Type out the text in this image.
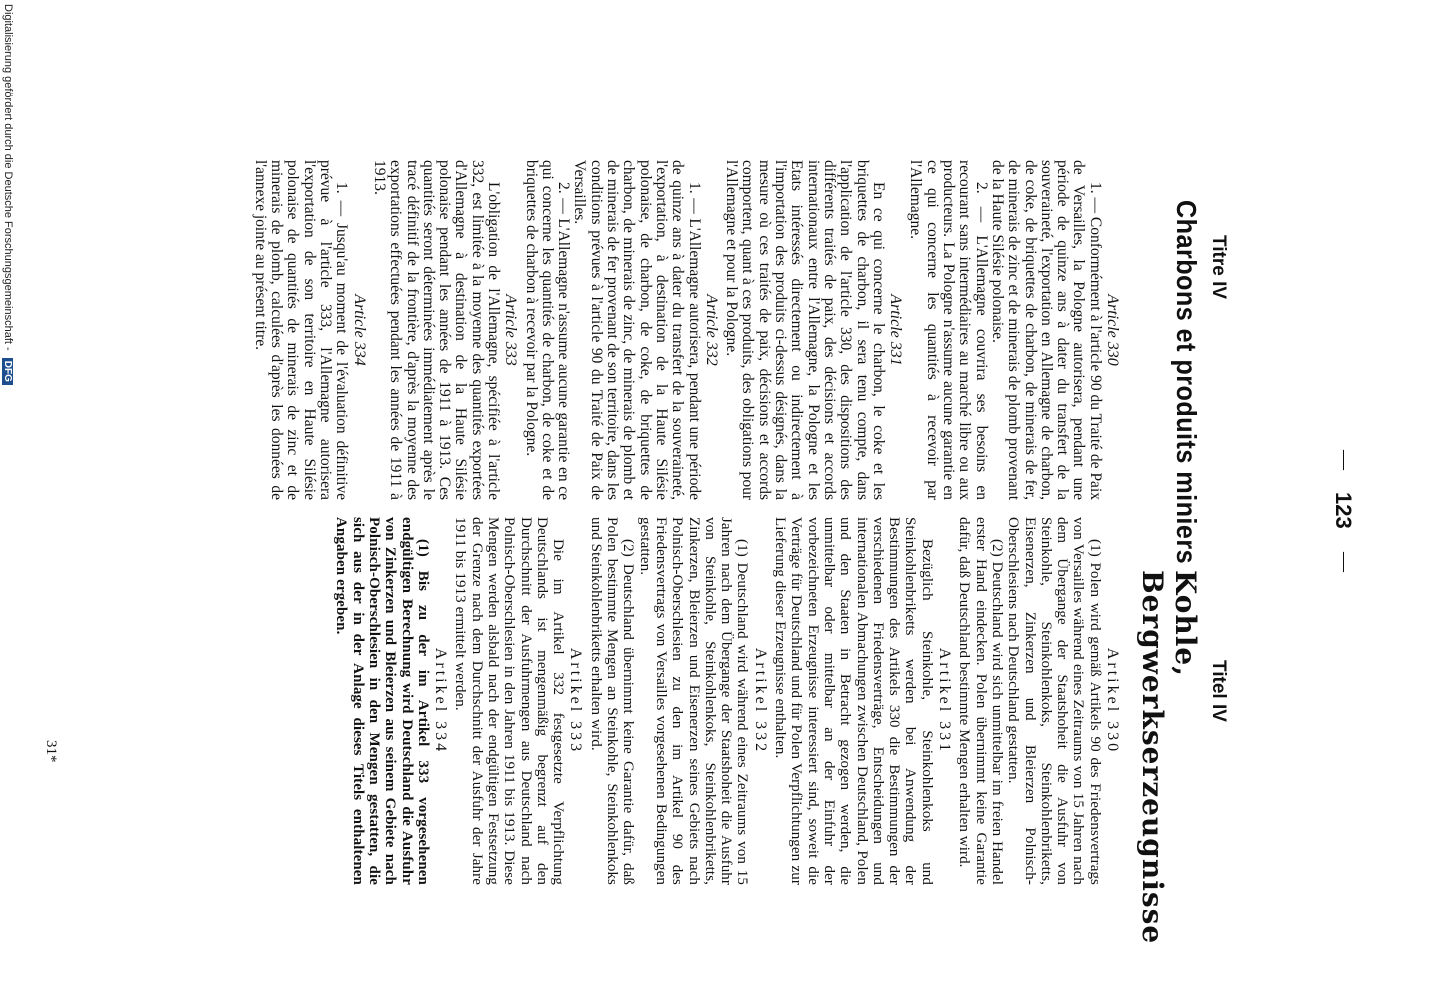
—
123
—
Titre IV
Charbons et produits miniers
Article 330

1. — Conformément à l'article 90 du Traité de Paix de Versailles, la Pologne autorisera, pendant une période de quinze ans à dater du transfert de la souveraineté, l'exportation en Allemagne de charbon, de coke, de briquettes de charbon, de minerais de fer, de minerais de zinc et de minerais de plomb provenant de la Haute Silésie polonaise.

2. — L'Allemagne couvrira ses besoins en recourant sans intermédiaires au marché libre ou aux producteurs. La Pologne n'assume aucune garantie en ce qui concerne les quantités à recevoir par l'Allemagne.

Article 331

En ce qui concerne le charbon, le coke et les briquettes de charbon, il sera tenu compte, dans l'application de l'article 330, des dispositions des différents traités de paix, des décisions et accords internationaux entre l'Allemagne, la Pologne et les Etats intéressés directement ou indirectement à l'importation des produits ci-dessus désignés, dans la mesure où ces traités de paix, décisions et accords comportent, quant à ces produits, des obligations pour l'Allemagne et pour la Pologne.

Article 332

1. — L'Allemagne autorisera, pendant une période de quinze ans à dater du transfert de la souveraineté, l'exportation, à destination de la Haute Silésie polonaise, de charbon, de coke, de briquettes de charbon, de minerais de zinc, de minerais de plomb et de minerais de fer provenant de son territoire, dans les conditions prévues à l'article 90 du Traité de Paix de Versailles.

2. — L'Allemagne n'assume aucune garantie en ce qui concerne les quantités de charbon, de coke et de briquettes de charbon à recevoir par la Pologne.

Article 333

L'obligation de l'Allemagne, spécifiée à l'article 332, est limitée à la moyenne des quantités exportées d'Allemagne à destination de la Haute Silésie polonaise pendant les années de 1911 à 1913. Ces quantités seront déterminées immédiatement après le tracé définitif de la frontière, d'après la moyenne des exportations effectuées pendant les années de 1911 à 1913.

Article 334

1. — Jusqu'au moment de l'évaluation définitive prévue à l'article 333, l'Allemagne autorisera l'exportation de son territoire en Haute Silésie polonaise de quantités de minerais de zinc et de minerais de plomb, calculées d'après les données de l'annexe jointe au présent titre.

Titel IV
Kohle, Bergwerkserzeugnisse
Artikel 330

(1) Polen wird gemäß Artikels 90 des Friedensvertrags von Versailles während eines Zeitraums von 15 Jahren nach dem Übergange der Staatshoheit die Ausfuhr von Steinkohle, Steinkohlenkoks, Steinkohlenbriketts, Eisenerzen, Zinkerzen und Bleierzen Polnisch-Oberschlesiens nach Deutschland gestatten.

(2) Deutschland wird sich unmittelbar im freien Handel erster Hand eindecken. Polen übernimmt keine Garantie dafür, daß Deutschland bestimmte Mengen erhalten wird.

Artikel 331

Bezüglich Steinkohle, Steinkohlenkoks und Steinkohlenbriketts werden bei Anwendung der Bestimmungen des Artikels 330 die Bestimmungen der verschiedenen Friedensverträge, Entscheidungen und internationalen Abmachungen zwischen Deutschland, Polen und den Staaten in Betracht gezogen werden, die unmittelbar oder mittelbar an der Einfuhr der vorbezeichneten Erzeugnisse interessiert sind, soweit die Verträge für Deutschland und für Polen Verpflichtungen zur Lieferung dieser Erzeugnisse enthalten.

Artikel 332

(1) Deutschland wird während eines Zeitraums von 15 Jahren nach dem Übergange der Staatshoheit die Ausfuhr von Steinkohle, Steinkohlenkoks, Steinkohlenbriketts, Zinkerzen, Bleierzen und Eisenerzen seines Gebiets nach Polnisch-Oberschlesien zu den im Artikel 90 des Friedensvertrags von Versailles vorgesehenen Bedingungen gestatten.

(2) Deutschland übernimmt keine Garantie dafür, daß Polen bestimmte Mengen an Steinkohle, Steinkohlenkoks und Steinkohlenbriketts erhalten wird.

Artikel 333

Die im Artikel 332 festgesetzte Verpflichtung Deutschlands ist mengenmäßig begrenzt auf den Durchschnitt der Ausfuhrmengen aus Deutschland nach Polnisch-Oberschlesien in den Jahren 1911 bis 1913. Diese Mengen werden alsbald nach der endgültigen Festsetzung der Grenze nach dem Durchschnitt der Ausfuhr der Jahre 1911 bis 1913 ermittelt werden.

Artikel 334

(1) Bis zu der im Artikel 333 vorgesehenen endgültigen Berechnung wird Deutschland die Ausfuhr von Zinkerzen und Bleierzen aus seinem Gebiete nach Polnisch-Oberschlesien in den Mengen gestatten, die sich aus der in der Anlage dieses Titels enthaltenen Angaben ergeben.

31*
Digitalisierung gefördert durch die Deutsche Forschungsgemeinschaft - DFG
